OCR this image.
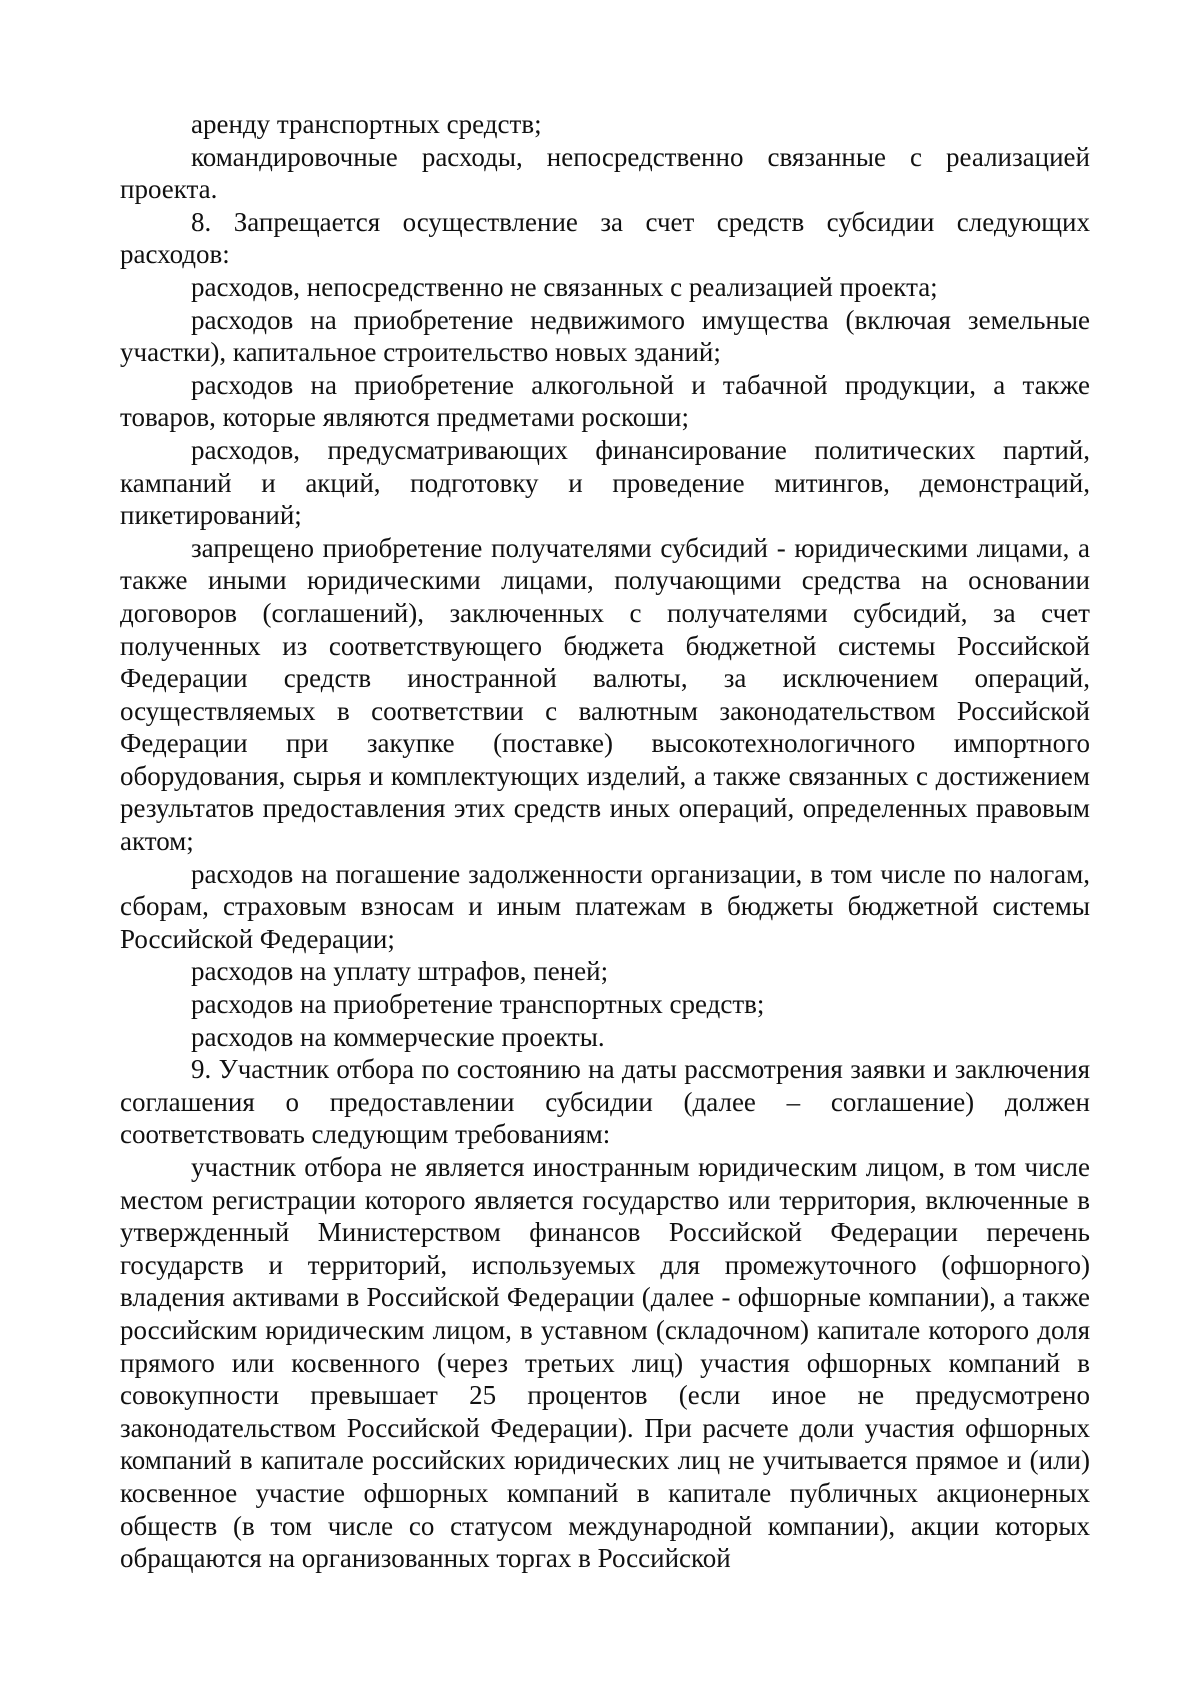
аренду транспортных средств;

командировочные расходы, непосредственно связанные с реализацией проекта.

8. Запрещается осуществление за счет средств субсидии следующих расходов:

расходов, непосредственно не связанных с реализацией проекта;

расходов на приобретение недвижимого имущества (включая земельные участки), капитальное строительство новых зданий;

расходов на приобретение алкогольной и табачной продукции, а также товаров, которые являются предметами роскоши;

расходов, предусматривающих финансирование политических партий, кампаний и акций, подготовку и проведение митингов, демонстраций, пикетирований;

запрещено приобретение получателями субсидий - юридическими лицами, а также иными юридическими лицами, получающими средства на основании договоров (соглашений), заключенных с получателями субсидий, за счет полученных из соответствующего бюджета бюджетной системы Российской Федерации средств иностранной валюты, за исключением операций, осуществляемых в соответствии с валютным законодательством Российской Федерации при закупке (поставке) высокотехнологичного импортного оборудования, сырья и комплектующих изделий, а также связанных с достижением результатов предоставления этих средств иных операций, определенных правовым актом;

расходов на погашение задолженности организации, в том числе по налогам, сборам, страховым взносам и иным платежам в бюджеты бюджетной системы Российской Федерации;

расходов на уплату штрафов, пеней;

расходов на приобретение транспортных средств;

расходов на коммерческие проекты.

9. Участник отбора по состоянию на даты рассмотрения заявки и заключения соглашения о предоставлении субсидии (далее – соглашение) должен соответствовать следующим требованиям:

участник отбора не является иностранным юридическим лицом, в том числе местом регистрации которого является государство или территория, включенные в утвержденный Министерством финансов Российской Федерации перечень государств и территорий, используемых для промежуточного (офшорного) владения активами в Российской Федерации (далее - офшорные компании), а также российским юридическим лицом, в уставном (складочном) капитале которого доля прямого или косвенного (через третьих лиц) участия офшорных компаний в совокупности превышает 25 процентов (если иное не предусмотрено законодательством Российской Федерации). При расчете доли участия офшорных компаний в капитале российских юридических лиц не учитывается прямое и (или) косвенное участие офшорных компаний в капитале публичных акционерных обществ (в том числе со статусом международной компании), акции которых обращаются на организованных торгах в Российской
